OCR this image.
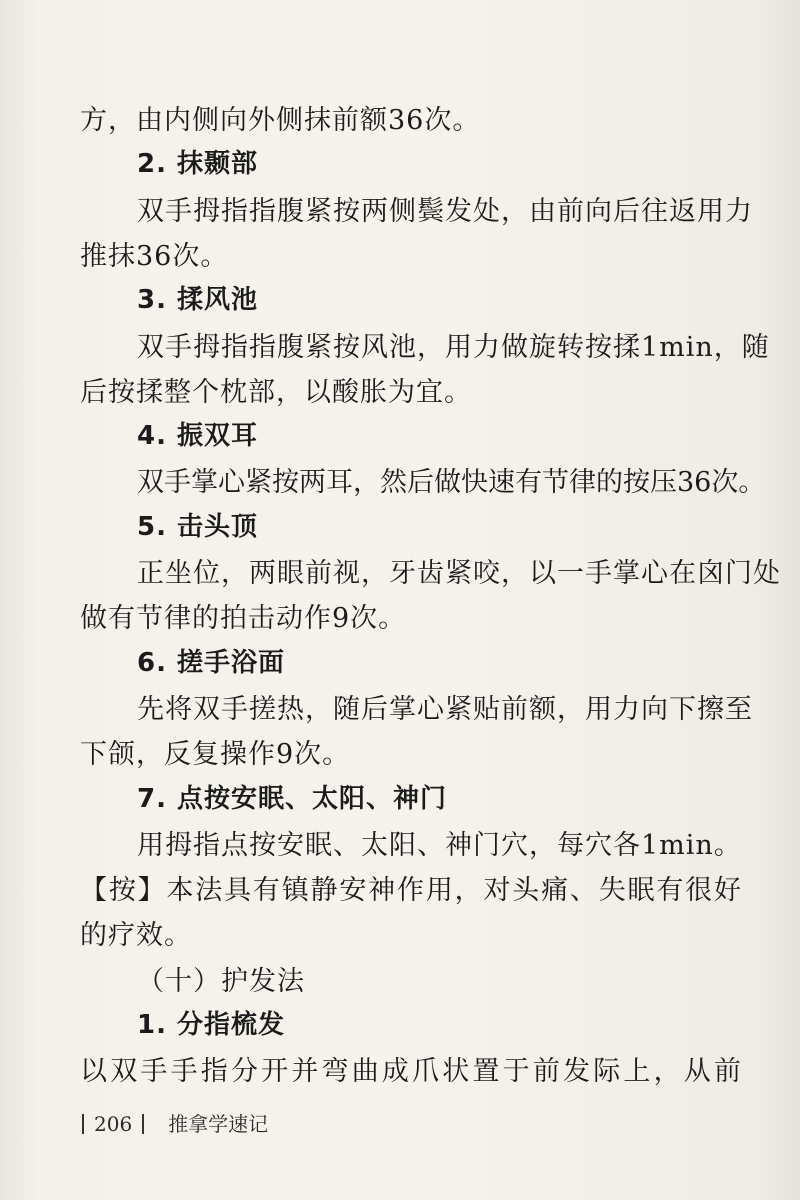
方，由内侧向外侧抹前额36次。
2. 抹颞部
双手拇指指腹紧按两侧鬓发处，由前向后往返用力
推抹36次。
3. 揉风池
双手拇指指腹紧按风池，用力做旋转按揉1min，随
后按揉整个枕部，以酸胀为宜。
4. 振双耳
双手掌心紧按两耳，然后做快速有节律的按压36次。
5. 击头顶
正坐位，两眼前视，牙齿紧咬，以一手掌心在囟门处
做有节律的拍击动作9次。
6. 搓手浴面
先将双手搓热，随后掌心紧贴前额，用力向下擦至
下颌，反复操作9次。
7. 点按安眠、太阳、神门
用拇指点按安眠、太阳、神门穴，每穴各1min。
【按】本法具有镇静安神作用，对头痛、失眠有很好
的疗效。
（十）护发法
1. 分指梳发
以双手手指分开并弯曲成爪状置于前发际上，从前
206 推拿学速记
